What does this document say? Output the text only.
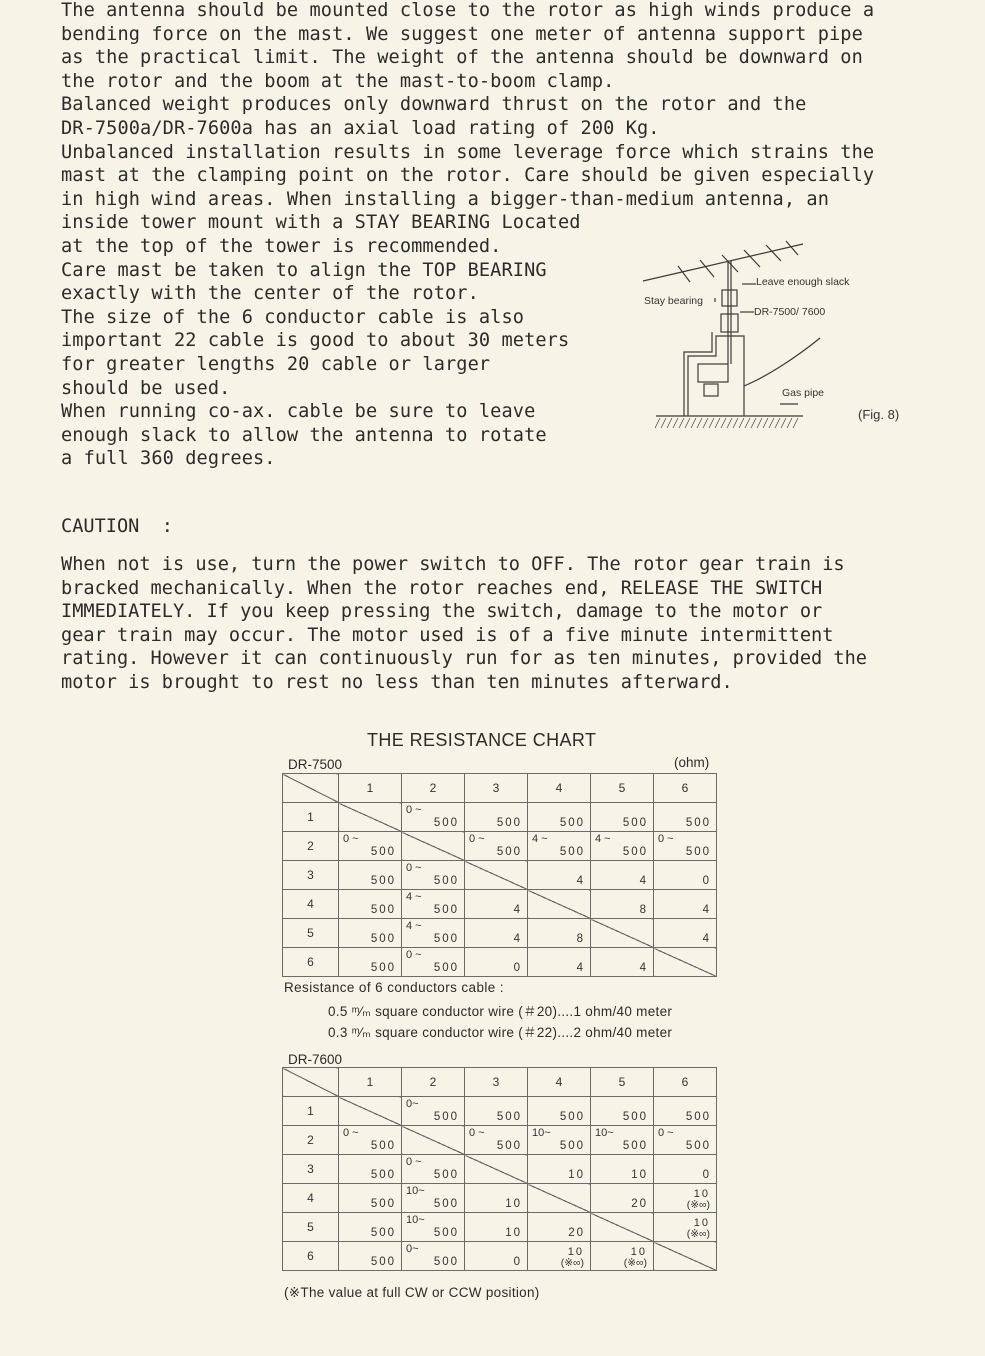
The antenna should be mounted close to the rotor as high winds produce a
bending force on the mast. We suggest one meter of antenna support pipe
as the practical limit. The weight of the antenna should be downward on
the rotor and the boom at the mast-to-boom clamp.
Balanced weight produces only downward thrust on the rotor and the
DR-7500a/DR-7600a has an axial load rating of 200 Kg.
Unbalanced installation results in some leverage force which strains the
mast at the clamping point on the rotor. Care should be given especially
in high wind areas. When installing a bigger-than-medium antenna, an
inside tower mount with a STAY BEARING Located
at the top of the tower is recommended.
Care mast be taken to align the TOP BEARING
exactly with the center of the rotor.
The size of the 6 conductor cable is also
important 22 cable is good to about 30 meters
for greater lengths 20 cable or larger
should be used.
When running co-ax. cable be sure to leave
enough slack to allow the antenna to rotate
a full 360 degrees.
Leave enough slack
Stay bearing
DR-7500/ 7600
Gas pipe
(Fig. 8)
CAUTION  :
When not is use, turn the power switch to OFF. The rotor gear train is
bracked mechanically. When the rotor reaches end, RELEASE THE SWITCH
IMMEDIATELY. If you keep pressing the switch, damage to the motor or
gear train may occur. The motor used is of a five minute intermittent
rating. However it can continuously run for as ten minutes, provided the
motor is brought to rest no less than ten minutes afterward.
THE RESISTANCE CHART
DR-7500	(ohm)
	1	2	3	4	5	6
1		0 ~
500	500	500	500	500

2	0 ~
500		0 ~
500	4 ~
500	4 ~
500	0 ~
500

3	500	0 ~
500		4	4	0

4	500	4 ~
500	4		8	4

5	500	4 ~
500	4	8		4

6	500	0 ~
500	0	4	4	

Resistance of 6 conductors cable :
0.5 ᵐ⁄ₘ square conductor wire (＃20)....1 ohm/40 meter
0.3 ᵐ⁄ₘ square conductor wire (＃22)....2 ohm/40 meter
DR-7600
	1	2	3	4	5	6
1		0~
500	500	500	500	500

2	0 ~
500		0 ~
500	10~
500	10~
500	0 ~
500

3	500	0 ~
500		10	10	0

4	500	10~
500	10		20	10
(※∞)

5	500	10~
500	10	20		10
(※∞)

6	500	0~
500	0	10
(※∞)	10
(※∞)	

(※The value at full CW or CCW position)
